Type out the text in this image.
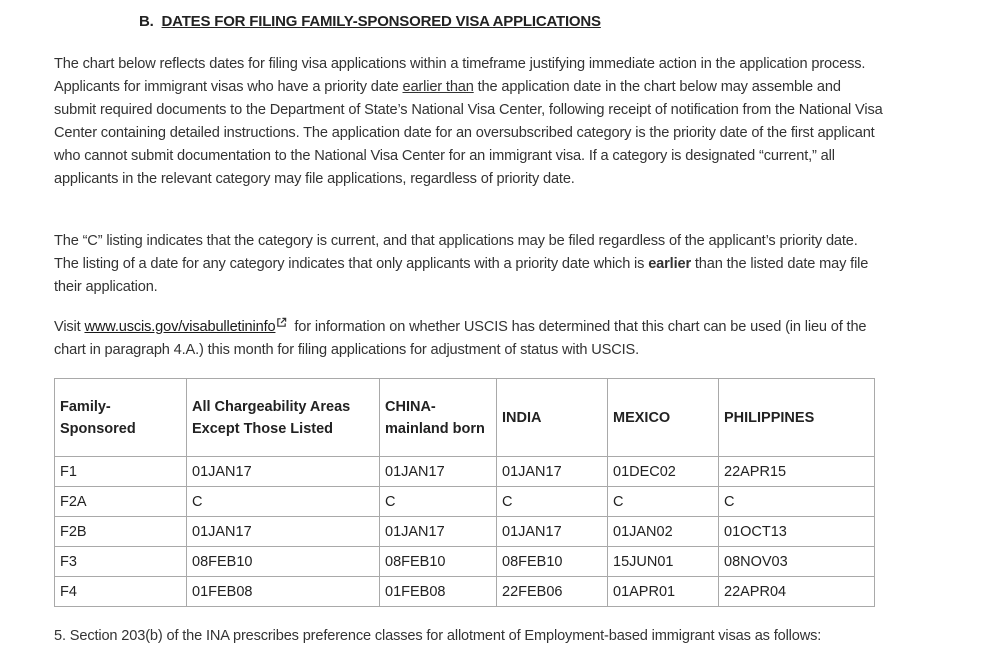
B. DATES FOR FILING FAMILY-SPONSORED VISA APPLICATIONS

The chart below reflects dates for filing visa applications within a timeframe justifying immediate action in the application process. Applicants for immigrant visas who have a priority date earlier than the application date in the chart below may assemble and submit required documents to the Department of State’s National Visa Center, following receipt of notification from the National Visa Center containing detailed instructions. The application date for an oversubscribed category is the priority date of the first applicant who cannot submit documentation to the National Visa Center for an immigrant visa. If a category is designated “current,” all applicants in the relevant category may file applications, regardless of priority date.

The “C” listing indicates that the category is current, and that applications may be filed regardless of the applicant’s priority date. The listing of a date for any category indicates that only applicants with a priority date which is earlier than the listed date may file their application.

Visit www.uscis.gov/visabulletininfo for information on whether USCIS has determined that this chart can be used (in lieu of the chart in paragraph 4.A.) this month for filing applications for adjustment of status with USCIS.

Family-Sponsored	All Chargeability Areas Except Those Listed	CHINA-mainland born	INDIA	MEXICO	PHILIPPINES
F1	01JAN17	01JAN17	01JAN17	01DEC02	22APR15
F2A	C	C	C	C	C
F2B	01JAN17	01JAN17	01JAN17	01JAN02	01OCT13
F3	08FEB10	08FEB10	08FEB10	15JUN01	08NOV03
F4	01FEB08	01FEB08	22FEB06	01APR01	22APR04
5. Section 203(b) of the INA prescribes preference classes for allotment of Employment-based immigrant visas as follows:
